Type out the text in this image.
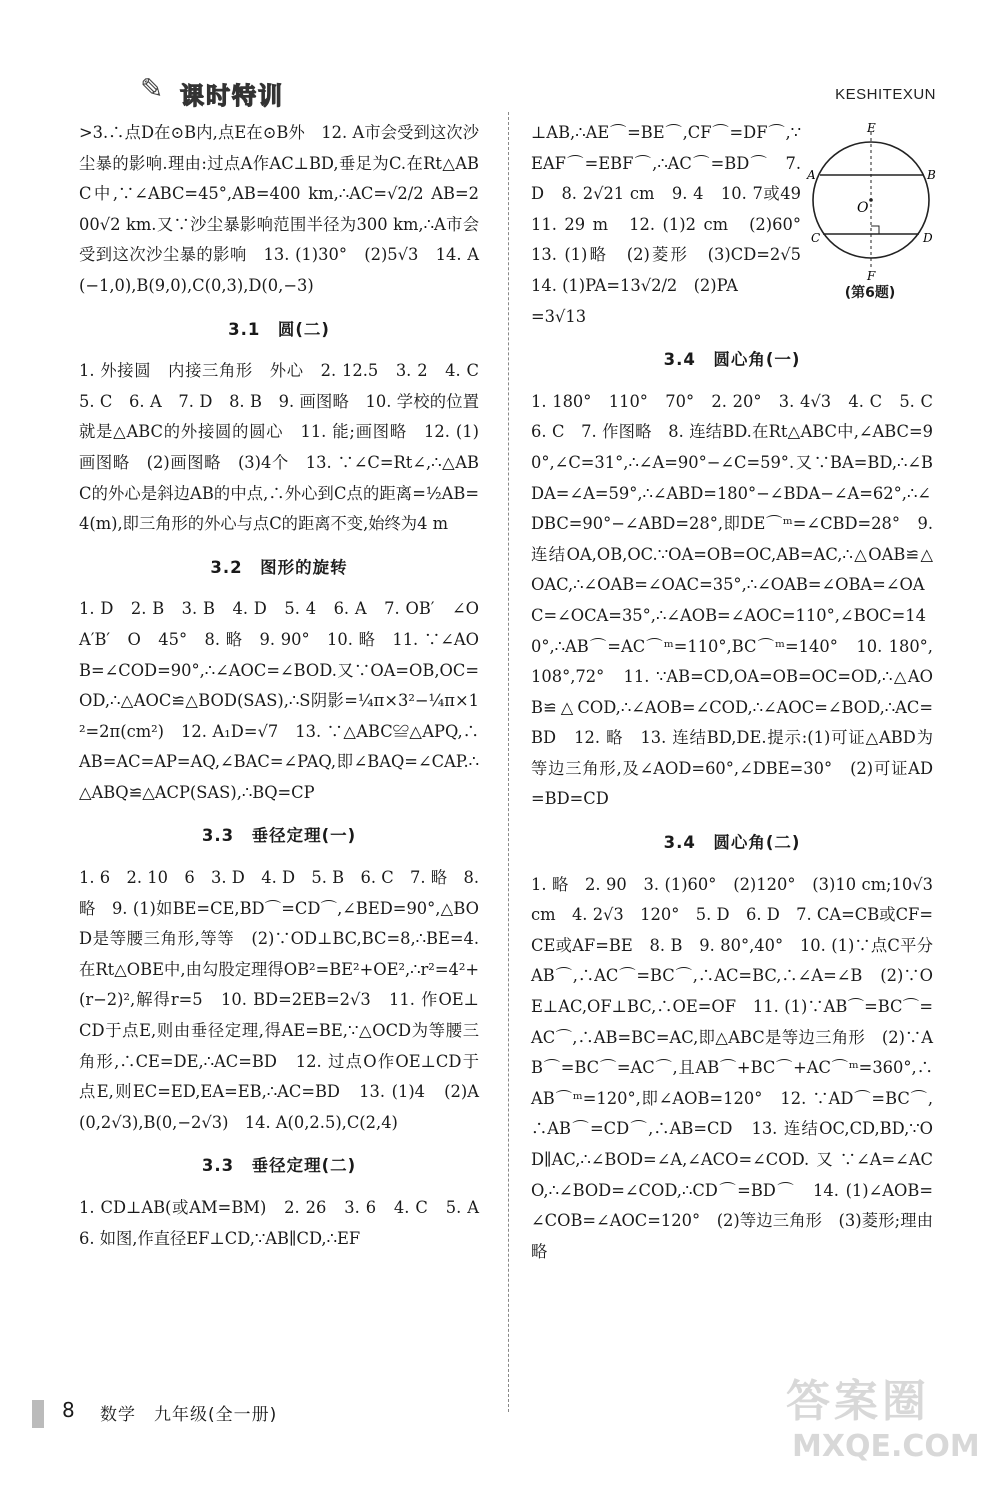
✎ 课时特训	KESHITEXUN

>3.∴点D在⊙B内,点E在⊙B外　12. A市会受到这次沙尘暴的影响.理由:过点A作AC⊥BD,垂足为C.在Rt△ABC中,∵∠ABC=45°,AB=400 km,∴AC=√2/2 AB=200√2 km.又∵沙尘暴影响范围半径为300 km,∴A市会受到这次沙尘暴的影响　13. (1)30°　(2)5√3　14. A(−1,0),B(9,0),C(0,3),D(0,−3)

3.1　圆(二)

1. 外接圆　内接三角形　外心　2. 12.5　3. 2　4. C　5. C　6. A　7. D　8. B　9. 画图略　10. 学校的位置就是△ABC的外接圆的圆心　11. 能;画图略　12. (1)画图略　(2)画图略　(3)4个　13. ∵∠C=Rt∠,∴△ABC的外心是斜边AB的中点,∴外心到C点的距离=½AB=4(m),即三角形的外心与点C的距离不变,始终为4 m

3.2　图形的旋转

1. D　2. B　3. B　4. D　5. 4　6. A　7. OB′　∠OA′B′　O　45°　8. 略　9. 90°　10. 略　11. ∵∠AOB=∠COD=90°,∴∠AOC=∠BOD.又∵OA=OB,OC=OD,∴△AOC≌△BOD(SAS),∴S阴影=¼π×3²−¼π×1²=2π(cm²)　12. A₁D=√7　13. ∵△ABC≌△APQ,∴AB=AC=AP=AQ,∠BAC=∠PAQ,即∠BAQ=∠CAP.∴△ABQ≌△ACP(SAS),∴BQ=CP

3.3　垂径定理(一)

1. 6　2. 10　6　3. D　4. D　5. B　6. C　7. 略　8. 略　9. (1)如BE=CE,BD⌒=CD⌒,∠BED=90°,△BOD是等腰三角形,等等　(2)∵OD⊥BC,BC=8,∴BE=4.在Rt△OBE中,由勾股定理得OB²=BE²+OE²,∴r²=4²+(r−2)²,解得r=5　10. BD=2EB=2√3　11. 作OE⊥CD于点E,则由垂径定理,得AE=BE,∵△OCD为等腰三角形,∴CE=DE,∴AC=BD　12. 过点O作OE⊥CD于点E,则EC=ED,EA=EB,∴AC=BD　13. (1)4　(2)A(0,2√3),B(0,−2√3)　14. A(0,2.5),C(2,4)

3.3　垂径定理(二)

1. CD⊥AB(或AM=BM)　2. 26　3. 6　4. C　5. A　6. 如图,作直径EF⊥CD,∵AB∥CD,∴EF

⊥AB,∴AE⌒=BE⌒,CF⌒=DF⌒,∵EAF⌒=EBF⌒,∴AC⌒=BD⌒　7. D　8. 2√21 cm　9. 4　10. 7或49　11. 29 m　12. (1)2 cm　(2)60°　13. (1)略　(2)菱形　(3)CD=2√5　14. (1)PA=13√2/2　(2)PA

=3√13

3.4　圆心角(一)

1. 180°　110°　70°　2. 20°　3. 4√3　4. C　5. C　6. C　7. 作图略　8. 连结BD.在Rt△ABC中,∠ABC=90°,∠C=31°,∴∠A=90°−∠C=59°.又∵BA=BD,∴∠BDA=∠A=59°,∴∠ABD=180°−∠BDA−∠A=62°,∴∠DBC=90°−∠ABD=28°,即DE⌒ᵐ=∠CBD=28°　9. 连结OA,OB,OC.∵OA=OB=OC,AB=AC,∴△OAB≌△OAC,∴∠OAB=∠OAC=35°,∴∠OAB=∠OBA=∠OAC=∠OCA=35°,∴∠AOB=∠AOC=110°,∠BOC=140°,∴AB⌒=AC⌒ᵐ=110°,BC⌒ᵐ=140°　10. 180°,108°,72°　11. ∵AB=CD,OA=OB=OC=OD,∴△AOB≌△COD,∴∠AOB=∠COD,∴∠AOC=∠BOD,∴AC=BD　12. 略　13. 连结BD,DE.提示:(1)可证△ABD为等边三角形,及∠AOD=60°,∠DBE=30°　(2)可证AD=BD=CD

3.4　圆心角(二)

1. 略　2. 90　3. (1)60°　(2)120°　(3)10 cm;10√3 cm　4. 2√3　120°　5. D　6. D　7. CA=CB或CF=CE或AF=BE　8. B　9. 80°,40°　10. (1)∵点C平分AB⌒,∴AC⌒=BC⌒,∴AC=BC,∴∠A=∠B　(2)∵OE⊥AC,OF⊥BC,∴OE=OF　11. (1)∵AB⌒=BC⌒=AC⌒,∴AB=BC=AC,即△ABC是等边三角形　(2)∵AB⌒=BC⌒=AC⌒,且AB⌒+BC⌒+AC⌒ᵐ=360°,∴AB⌒ᵐ=120°,即∠AOB=120°　12. ∵AD⌒=BC⌒,∴AB⌒=CD⌒,∴AB=CD　13. 连结OC,CD,BD,∵OD∥AC,∴∠BOD=∠A,∠ACO=∠COD.又∵∠A=∠ACO,∴∠BOD=∠COD,∴CD⌒=BD⌒　14. (1)∠AOB=∠COB=∠AOC=120°　(2)等边三角形　(3)菱形;理由略

E
A	B
O
C	D
F
(第6题)
8 数学　九年级(全一册)	答案圈
MXQE.COM
